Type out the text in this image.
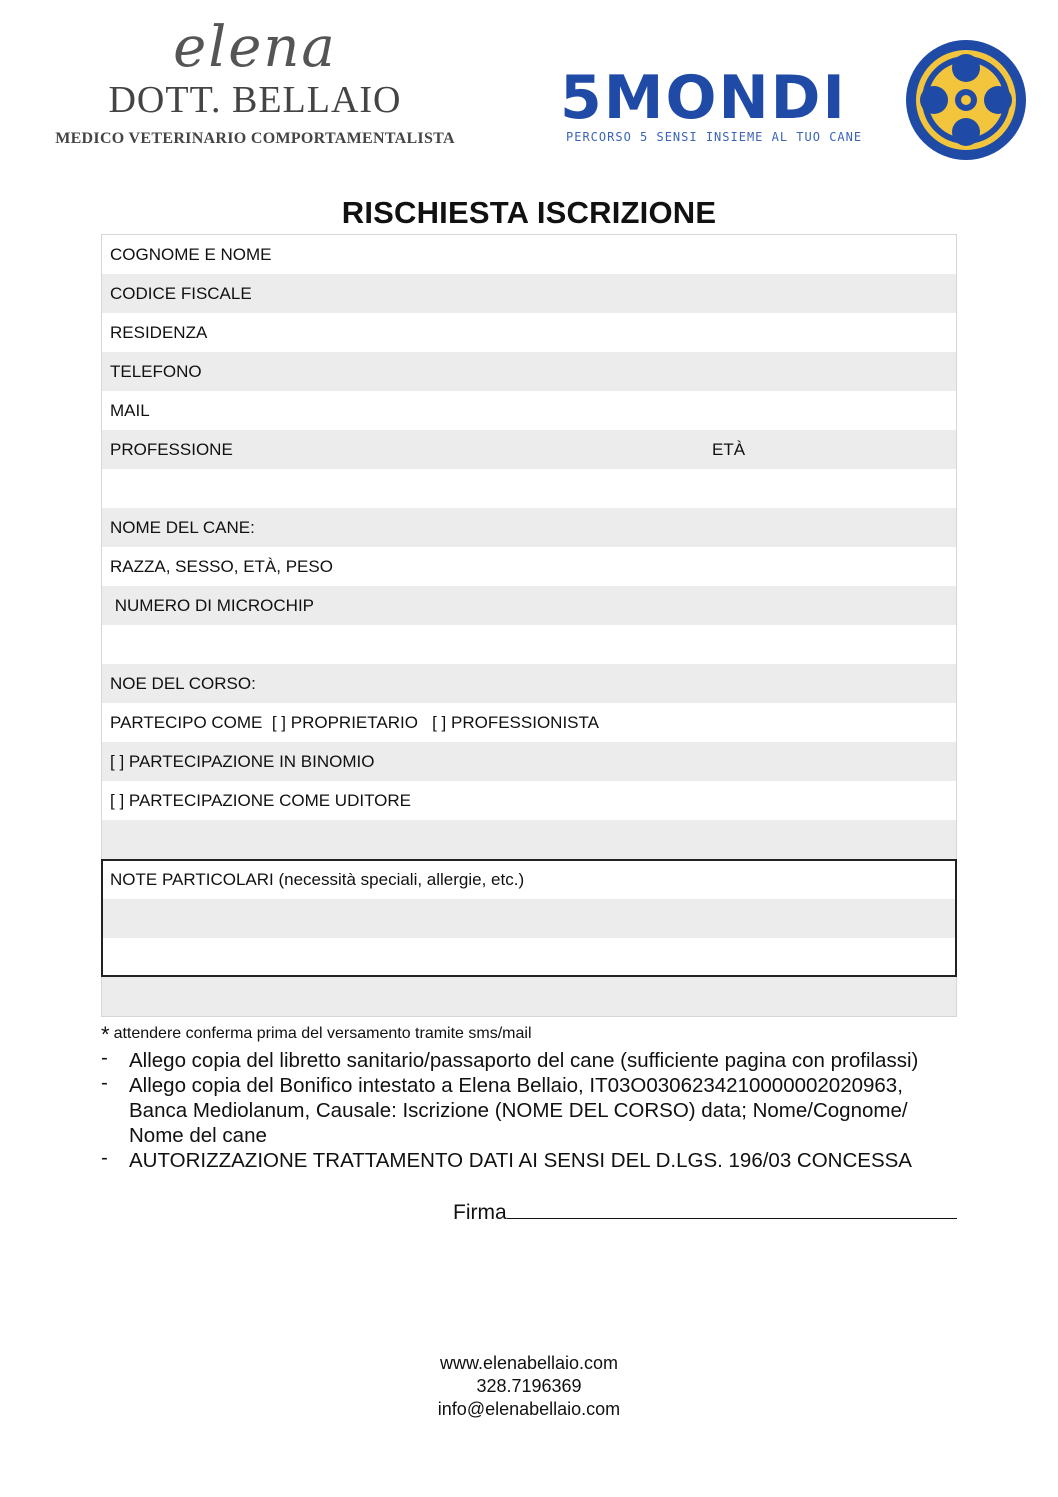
elena
DOTT. BELLAIO
MEDICO VETERINARIO COMPORTAMENTALISTA
5MONDI
PERCORSO 5 SENSI INSIEME AL TUO CANE
RISCHIESTA ISCRIZIONE
COGNOME E NOME
CODICE FISCALE
RESIDENZA
TELEFONO
MAIL
PROFESSIONE	ETÀ
NOME DEL CANE:
RAZZA, SESSO, ETÀ, PESO
NUMERO DI MICROCHIP
NOE DEL CORSO:
PARTECIPO COME  [ ] PROPRIETARIO   [ ] PROFESSIONISTA
[ ] PARTECIPAZIONE IN BINOMIO
[ ] PARTECIPAZIONE COME UDITORE
NOTE PARTICOLARI (necessità speciali, allergie, etc.)
* attendere conferma prima del versamento tramite sms/mail
- Allego copia del libretto sanitario/passaporto del cane (sufficiente pagina con profilassi)
- Allego copia del Bonifico intestato a Elena Bellaio, IT03O0306234210000002020963, Banca Mediolanum, Causale: Iscrizione (NOME DEL CORSO) data; Nome/Cognome/ Nome del cane
- AUTORIZZAZIONE TRATTAMENTO DATI AI SENSI DEL D.LGS. 196/03 CONCESSA
Firma
www.elenabellaio.com
328.7196369
info@elenabellaio.com
